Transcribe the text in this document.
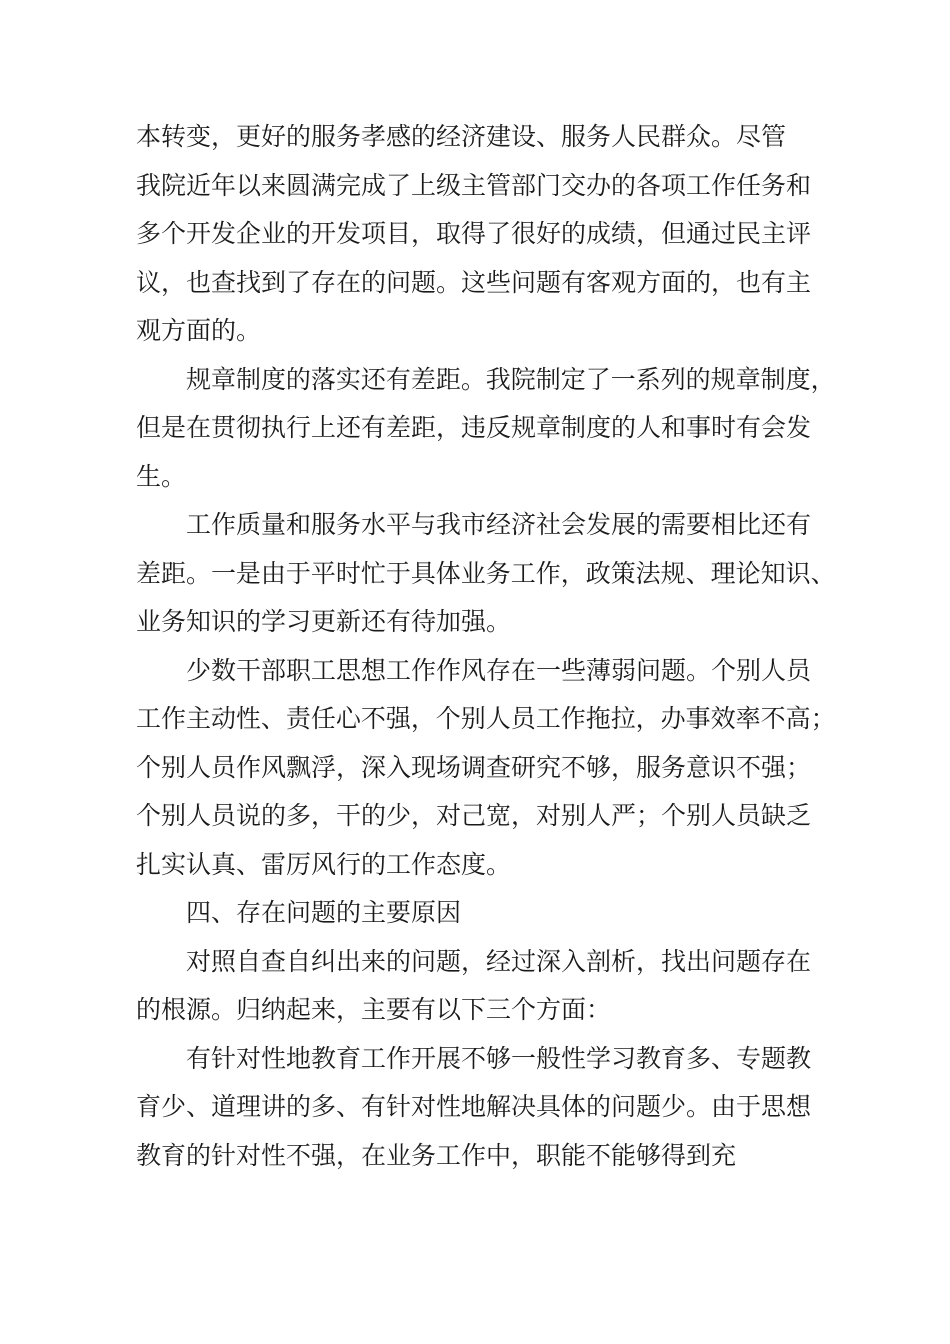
本转变，更好的服务孝感的经济建设、服务人民群众。尽管
我院近年以来圆满完成了上级主管部门交办的各项工作任务和
多个开发企业的开发项目，取得了很好的成绩，但通过民主评
议，也查找到了存在的问题。这些问题有客观方面的，也有主
观方面的。
规章制度的落实还有差距。我院制定了一系列的规章制度，
但是在贯彻执行上还有差距，违反规章制度的人和事时有会发
生。
工作质量和服务水平与我市经济社会发展的需要相比还有
差距。一是由于平时忙于具体业务工作，政策法规、理论知识、
业务知识的学习更新还有待加强。
少数干部职工思想工作作风存在一些薄弱问题。个别人员
工作主动性、责任心不强，个别人员工作拖拉，办事效率不高；
个别人员作风飘浮，深入现场调查研究不够，服务意识不强；
个别人员说的多，干的少，对己宽，对别人严；个别人员缺乏
扎实认真、雷厉风行的工作态度。
四、存在问题的主要原因
对照自查自纠出来的问题，经过深入剖析，找出问题存在
的根源。归纳起来，主要有以下三个方面：
有针对性地教育工作开展不够一般性学习教育多、专题教
育少、道理讲的多、有针对性地解决具体的问题少。由于思想
教育的针对性不强，在业务工作中，职能不能够得到充
